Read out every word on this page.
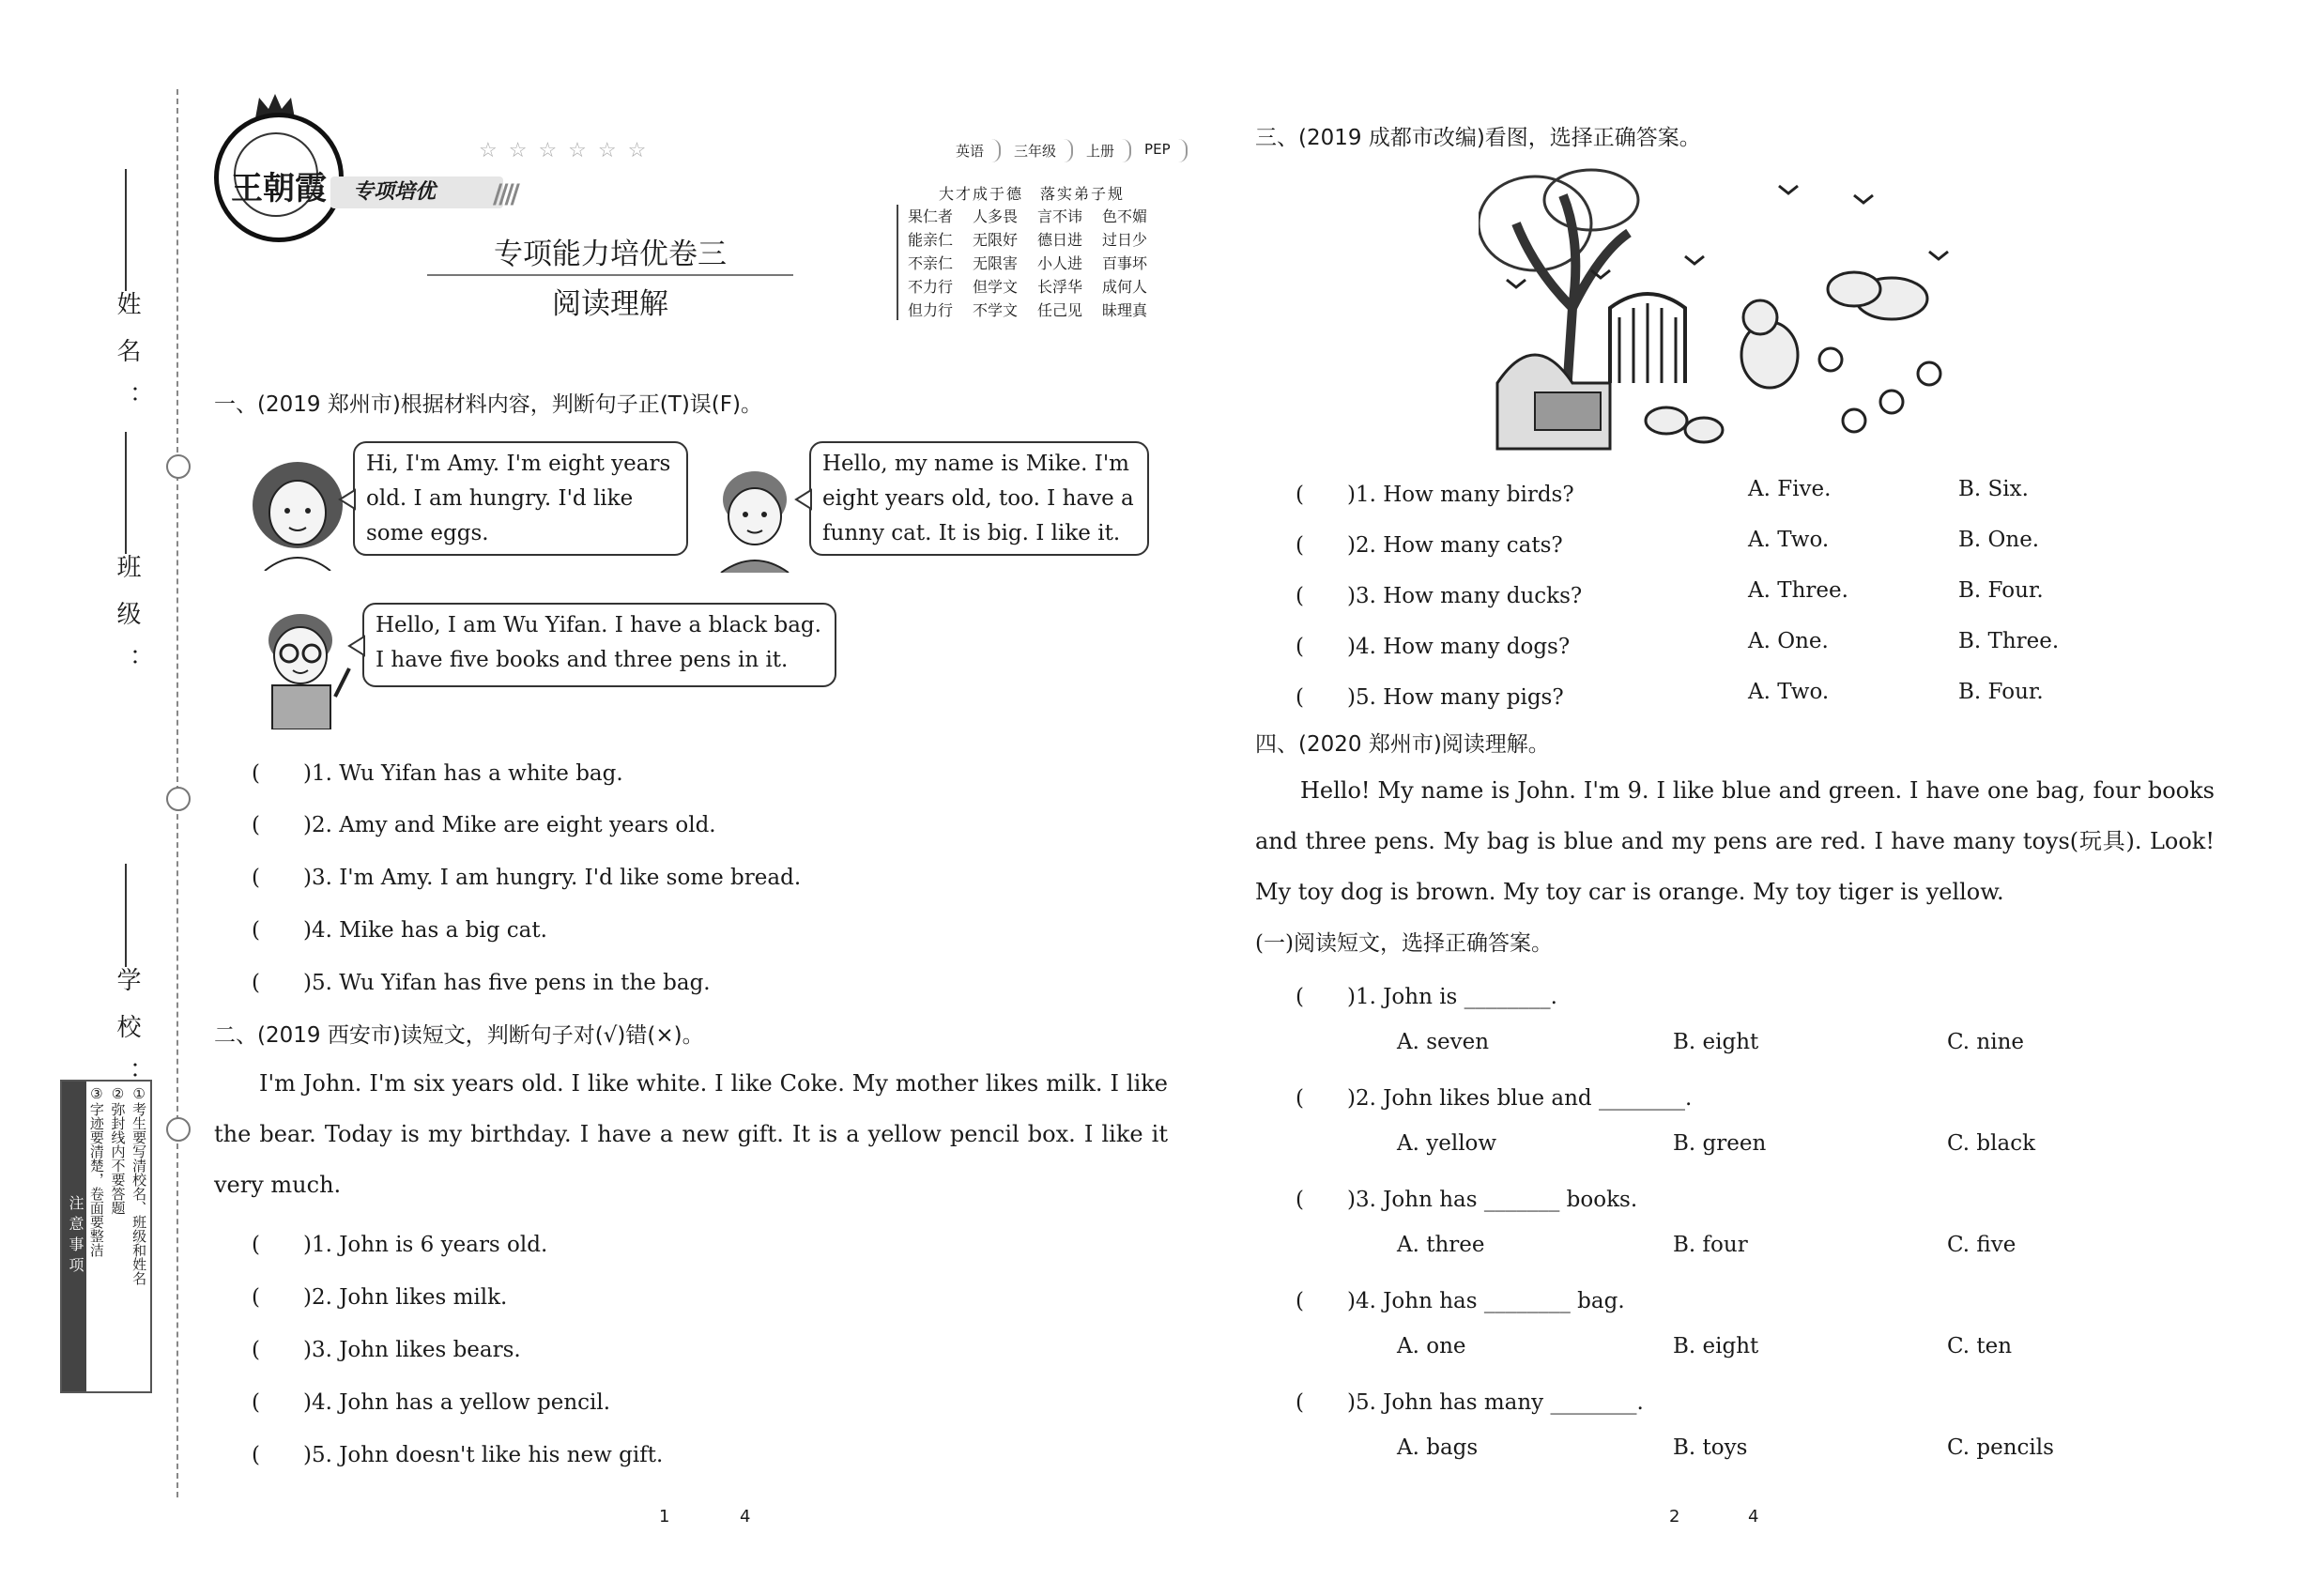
姓名：
班级：
学校：
注意事项	①考生要写清校名、班级和姓名
②弥封线内不要答题
③字迹要清楚，卷面要整洁
王朝霞
☆☆☆☆☆☆	英语	三年级	上册	PEP
专项培优	////
专项能力培优卷三
阅读理解
大才成于德　落实弟子规
果仁者	人多畏	言不讳	色不媚
能亲仁	无限好	德日进	过日少
不亲仁	无限害	小人进	百事坏
不力行	但学文	长浮华	成何人
但力行	不学文	任己见	昧理真
一、(2019 郑州市)根据材料内容，判断句子正(T)误(F)。
Hi, I'm Amy. I'm eight years old. I am hungry. I'd like some eggs.
Hello, my name is Mike. I'm eight years old, too. I have a funny cat. It is big. I like it.
Hello, I am Wu Yifan. I have a black bag. I have five books and three pens in it.
(　　)1. Wu Yifan has a white bag.
(　　)2. Amy and Mike are eight years old.
(　　)3. I'm Amy. I am hungry. I'd like some bread.
(　　)4. Mike has a big cat.
(　　)5. Wu Yifan has five pens in the bag.
二、(2019 西安市)读短文，判断句子对(√)错(×)。
I'm John. I'm six years old. I like white. I like Coke. My mother likes milk. I like the bear. Today is my birthday. I have a new gift. It is a yellow pencil box. I like it very much.
(　　)1. John is 6 years old.
(　　)2. John likes milk.
(　　)3. John likes bears.
(　　)4. John has a yellow pencil.
(　　)5. John doesn't like his new gift.
1	4
三、(2019 成都市改编)看图，选择正确答案。
(　　)1. How many birds?	A. Five.	B. Six.
(　　)2. How many cats?	A. Two.	B. One.
(　　)3. How many ducks?	A. Three.	B. Four.
(　　)4. How many dogs?	A. One.	B. Three.
(　　)5. How many pigs?	A. Two.	B. Four.
四、(2020 郑州市)阅读理解。
Hello! My name is John. I'm 9. I like blue and green. I have one bag, four books and three pens. My bag is blue and my pens are red. I have many toys(玩具). Look! My toy dog is brown. My toy car is orange. My toy tiger is yellow.
(一)阅读短文，选择正确答案。
(　　)1. John is ________.
A. seven	B. eight	C. nine
(　　)2. John likes blue and ________.
A. yellow	B. green	C. black
(　　)3. John has _______ books.
A. three	B. four	C. five
(　　)4. John has ________ bag.
A. one	B. eight	C. ten
(　　)5. John has many ________.
A. bags	B. toys	C. pencils
2	4
